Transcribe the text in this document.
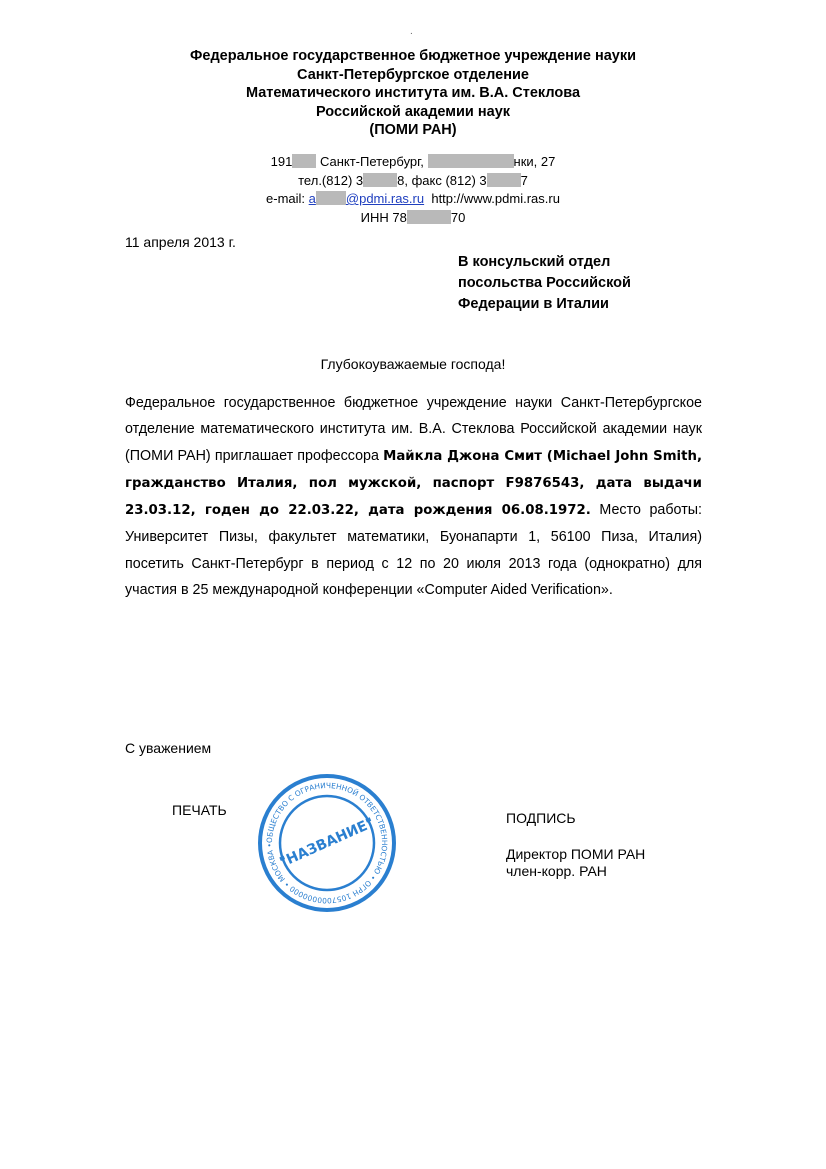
.
Федеральное государственное бюджетное учреждение науки
Санкт-Петербургское отделение
Математического института им. В.А. Стеклова
Российской академии наук
(ПОМИ РАН)
191 Санкт-Петербург,	нки, 27
тел.(812) 3	8, факс (812) 3	7
e-mail: a @pdmi.ras.ru http://www.pdmi.ras.ru
ИНН 78	70
11 апреля 2013 г.
В консульский отдел
посольства Российской
Федерации в Италии
Глубокоуважаемые господа!
Федеральное государственное бюджетное учреждение науки Санкт-Петербургское отделение математического института им. В.А. Стеклова Российской академии наук (ПОМИ РАН) приглашает профессора Майкла Джона Смит (Michael John Smith, гражданство Италия, пол мужской, паспорт F9876543, дата выдачи 23.03.12, годен до 22.03.22, дата рождения 06.08.1972. Место работы: Университет Пизы, факультет математики, Буонапарти 1, 56100 Пиза, Италия) посетить Санкт-Петербург в период с 12 по 20 июля 2013 года (однократно) для участия в 25 международной конференции «Computer Aided Verification».
С уважением
ПЕЧАТЬ	ПОДПИСЬ
Директор ПОМИ РАН
член-корр. РАН
ОБЩЕСТВО С ОГРАНИЧЕННОЙ ОТВЕТСТВЕННОСТЬЮ • ОГРН 1057000000000 • МОСКВА • "НАЗВАНИЕ"
